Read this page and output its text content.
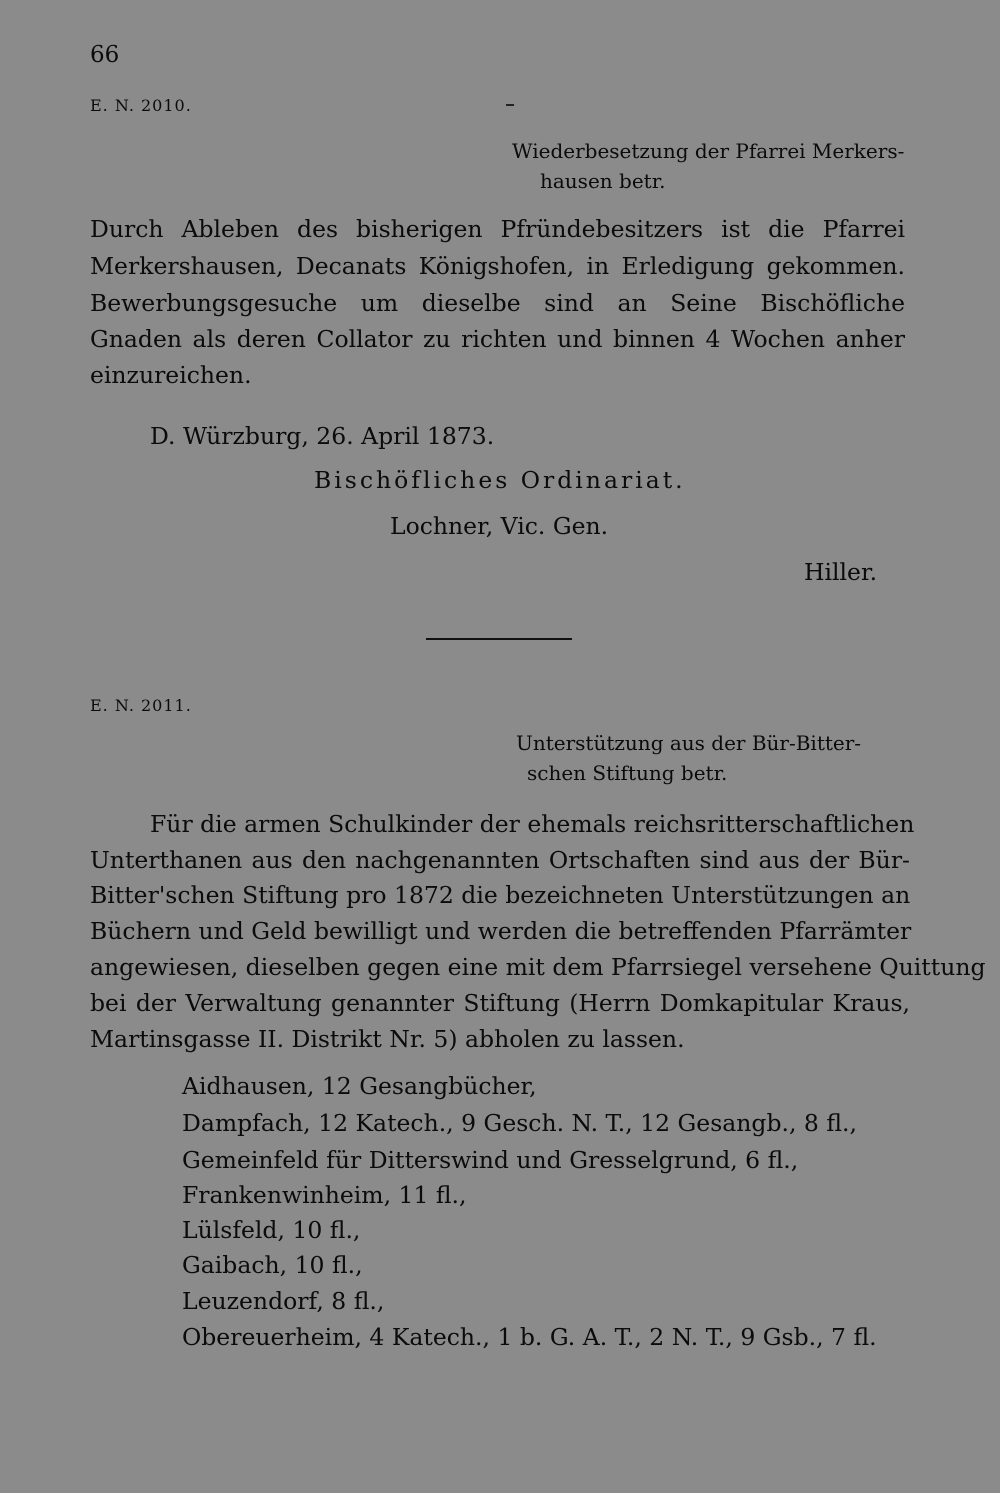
66
E. N. 2010.
Wiederbesetzung der Pfarrei Merkers-
hausen betr.
Durch Ableben des bisherigen Pfründebesitzers ist die Pfarrei
Merkershausen, Decanats Königshofen, in Erledigung gekommen.
Bewerbungsgesuche um dieselbe sind an Seine Bischöfliche
Gnaden als deren Collator zu richten und binnen 4 Wochen anher
einzureichen.
D. Würzburg, 26. April 1873.
Bischöfliches Ordinariat.
Lochner, Vic. Gen.
Hiller.
E. N. 2011.
Unterstützung aus der Bür-Bitter-
schen Stiftung betr.
Für die armen Schulkinder der ehemals reichsritterschaftlichen
Unterthanen aus den nachgenannten Ortschaften sind aus der Bür-
Bitter'schen Stiftung pro 1872 die bezeichneten Unterstützungen an
Büchern und Geld bewilligt und werden die betreffenden Pfarrämter
angewiesen, dieselben gegen eine mit dem Pfarrsiegel versehene Quittung
bei der Verwaltung genannter Stiftung (Herrn Domkapitular Kraus,
Martinsgasse II. Distrikt Nr. 5) abholen zu lassen.
Aidhausen, 12 Gesangbücher,
Dampfach, 12 Katech., 9 Gesch. N. T., 12 Gesangb., 8 fl.,
Gemeinfeld für Ditterswind und Gresselgrund, 6 fl.,
Frankenwinheim, 11 fl.,
Lülsfeld, 10 fl.,
Gaibach, 10 fl.,
Leuzendorf, 8 fl.,
Obereuerheim, 4 Katech., 1 b. G. A. T., 2 N. T., 9 Gsb., 7 fl.
